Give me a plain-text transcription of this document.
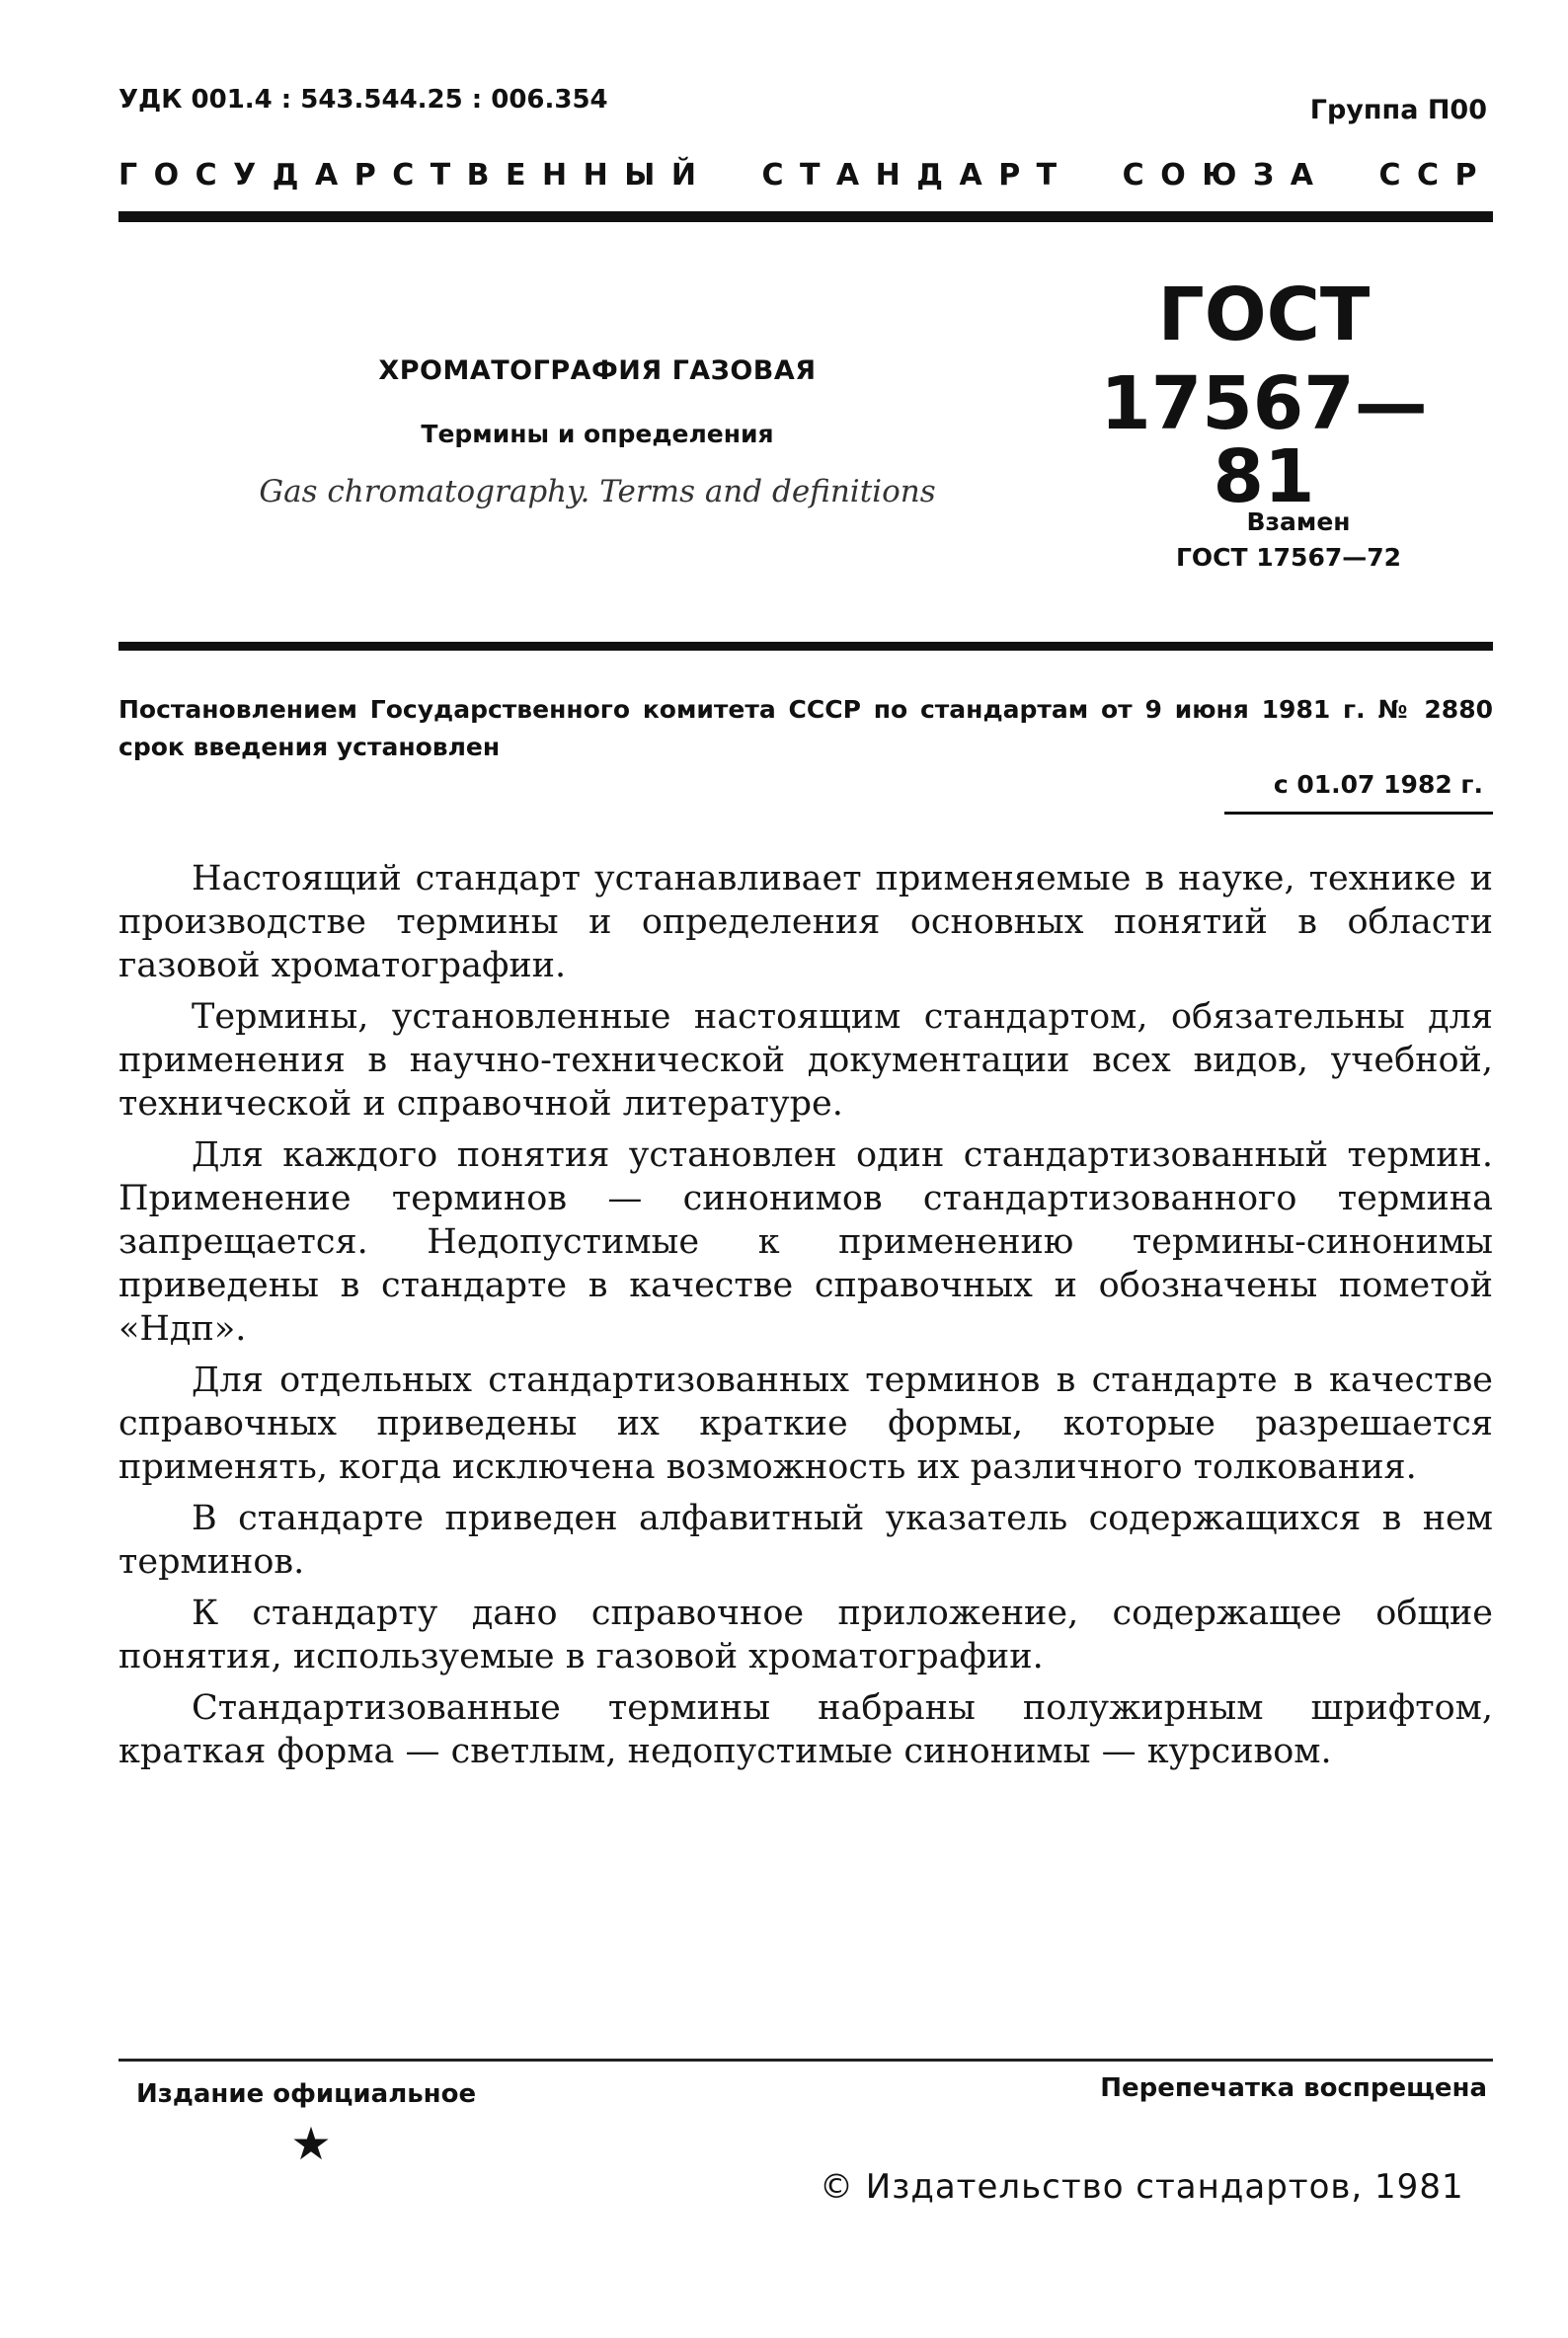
УДК 001.4 : 543.544.25 : 006.354	Группа П00
ГОСУДАРСТВЕННЫЙ СТАНДАРТ СОЮЗА ССР
ХРОМАТОГРАФИЯ ГАЗОВАЯ
Термины и определения
Gas chromatography. Terms and definitions
ГОСТ
17567—81
Взамен
ГОСТ 17567—72
Постановлением Государственного комитета СССР по стандартам от 9 июня 1981 г. № 2880 срок введения установлен
с 01.07 1982 г.

Настоящий стандарт устанавливает применяемые в науке, технике и производстве термины и определения основных понятий в области газовой хроматографии.

Термины, установленные настоящим стандартом, обязательны для применения в научно-технической документации всех видов, учебной, технической и справочной литературе.

Для каждого понятия установлен один стандартизованный термин. Применение терминов — синонимов стандартизованного термина запрещается. Недопустимые к применению термины-синонимы приведены в стандарте в качестве справочных и обозначены пометой «Ндп».

Для отдельных стандартизованных терминов в стандарте в качестве справочных приведены их краткие формы, которые разрешается применять, когда исключена возможность их различного толкования.

В стандарте приведен алфавитный указатель содержащихся в нем терминов.

К стандарту дано справочное приложение, содержащее общие понятия, используемые в газовой хроматографии.

Стандартизованные термины набраны полужирным шрифтом, краткая форма — светлым, недопустимые синонимы — курсивом.

Издание официальное	Перепечатка воспрещена
★
© Издательство стандартов, 1981
